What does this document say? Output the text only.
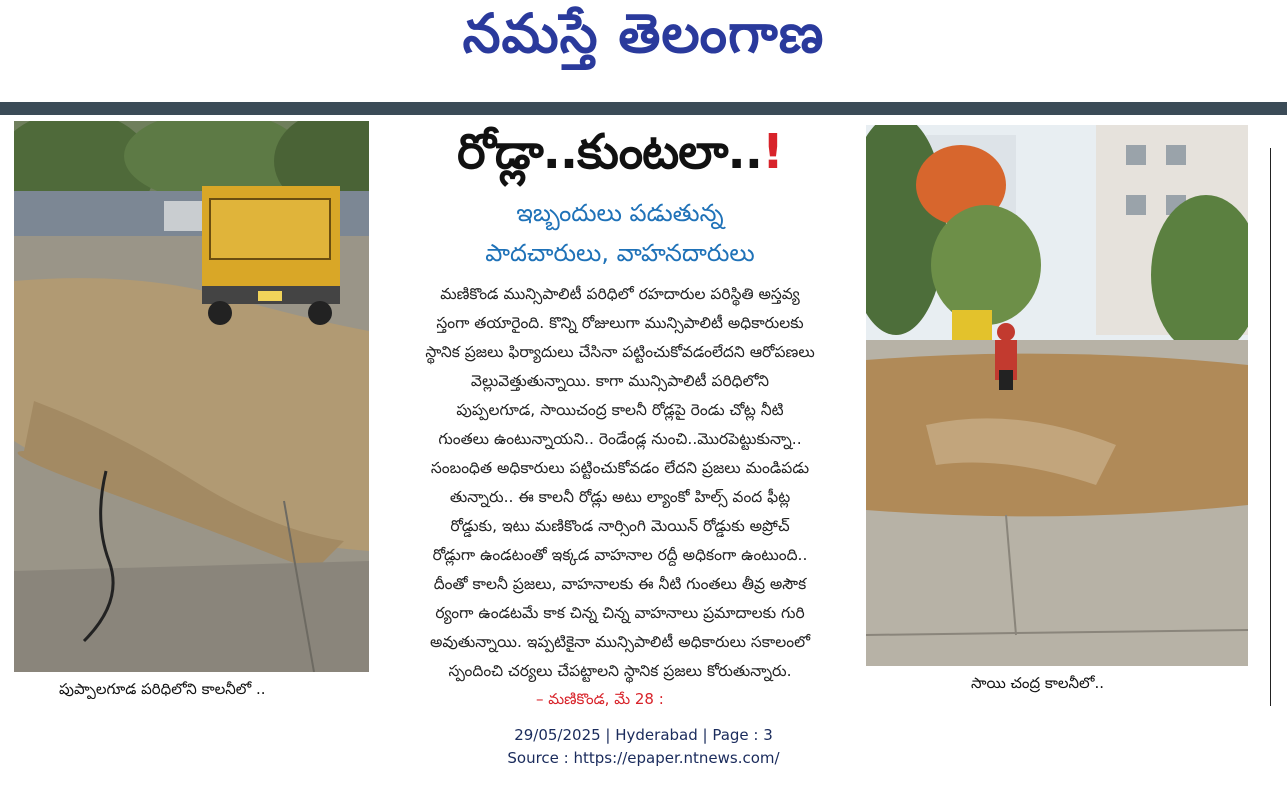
నమస్తే తెలంగాణ
పుప్పాలగూడ పరిధిలోని కాలనీలో ..
రోడ్లా..కుంటలా..!
ఇబ్బందులు పడుతున్న
పాదచారులు, వాహనదారులు
మణికొండ మున్సిపాలిటీ పరిధిలో రహదారుల పరిస్థితి అస్తవ్య
స్తంగా తయారైంది. కొన్ని రోజులుగా మున్సిపాలిటీ అధికారులకు
స్థానిక ప్రజలు ఫిర్యాదులు చేసినా పట్టించుకోవడంలేదని ఆరోపణలు
వెల్లువెత్తుతున్నాయి. కాగా మున్సిపాలిటీ పరిధిలోని
పుప్పలగూడ, సాయిచంద్ర కాలనీ రోడ్లపై రెండు చోట్ల నీటి
గుంతలు ఉంటున్నాయని.. రెండేండ్ల నుంచి..మొరపెట్టుకున్నా..
సంబంధిత అధికారులు పట్టించుకోవడం లేదని ప్రజలు మండిపడు
తున్నారు.. ఈ కాలనీ రోడ్లు అటు ల్యాంకో హిల్స్ వంద ఫీట్ల
రోడ్డుకు, ఇటు మణికొండ నార్సింగి మెయిన్ రోడ్డుకు అప్రోచ్
రోడ్లుగా ఉండటంతో ఇక్కడ వాహనాల రద్దీ అధికంగా ఉంటుంది..
దీంతో కాలనీ ప్రజలు, వాహనాలకు ఈ నీటి గుంతలు తీవ్ర అసౌక
ర్యంగా ఉండటమే కాక చిన్న చిన్న వాహనాలు ప్రమాదాలకు గురి
అవుతున్నాయి. ఇప్పటికైనా మున్సిపాలిటీ అధికారులు సకాలంలో
స్పందించి చర్యలు చేపట్టాలని స్థానిక ప్రజలు కోరుతున్నారు.
– మణికొండ, మే 28 :
సాయి చంద్ర కాలనీలో..
29/05/2025 | Hyderabad | Page : 3
Source : https://epaper.ntnews.com/
